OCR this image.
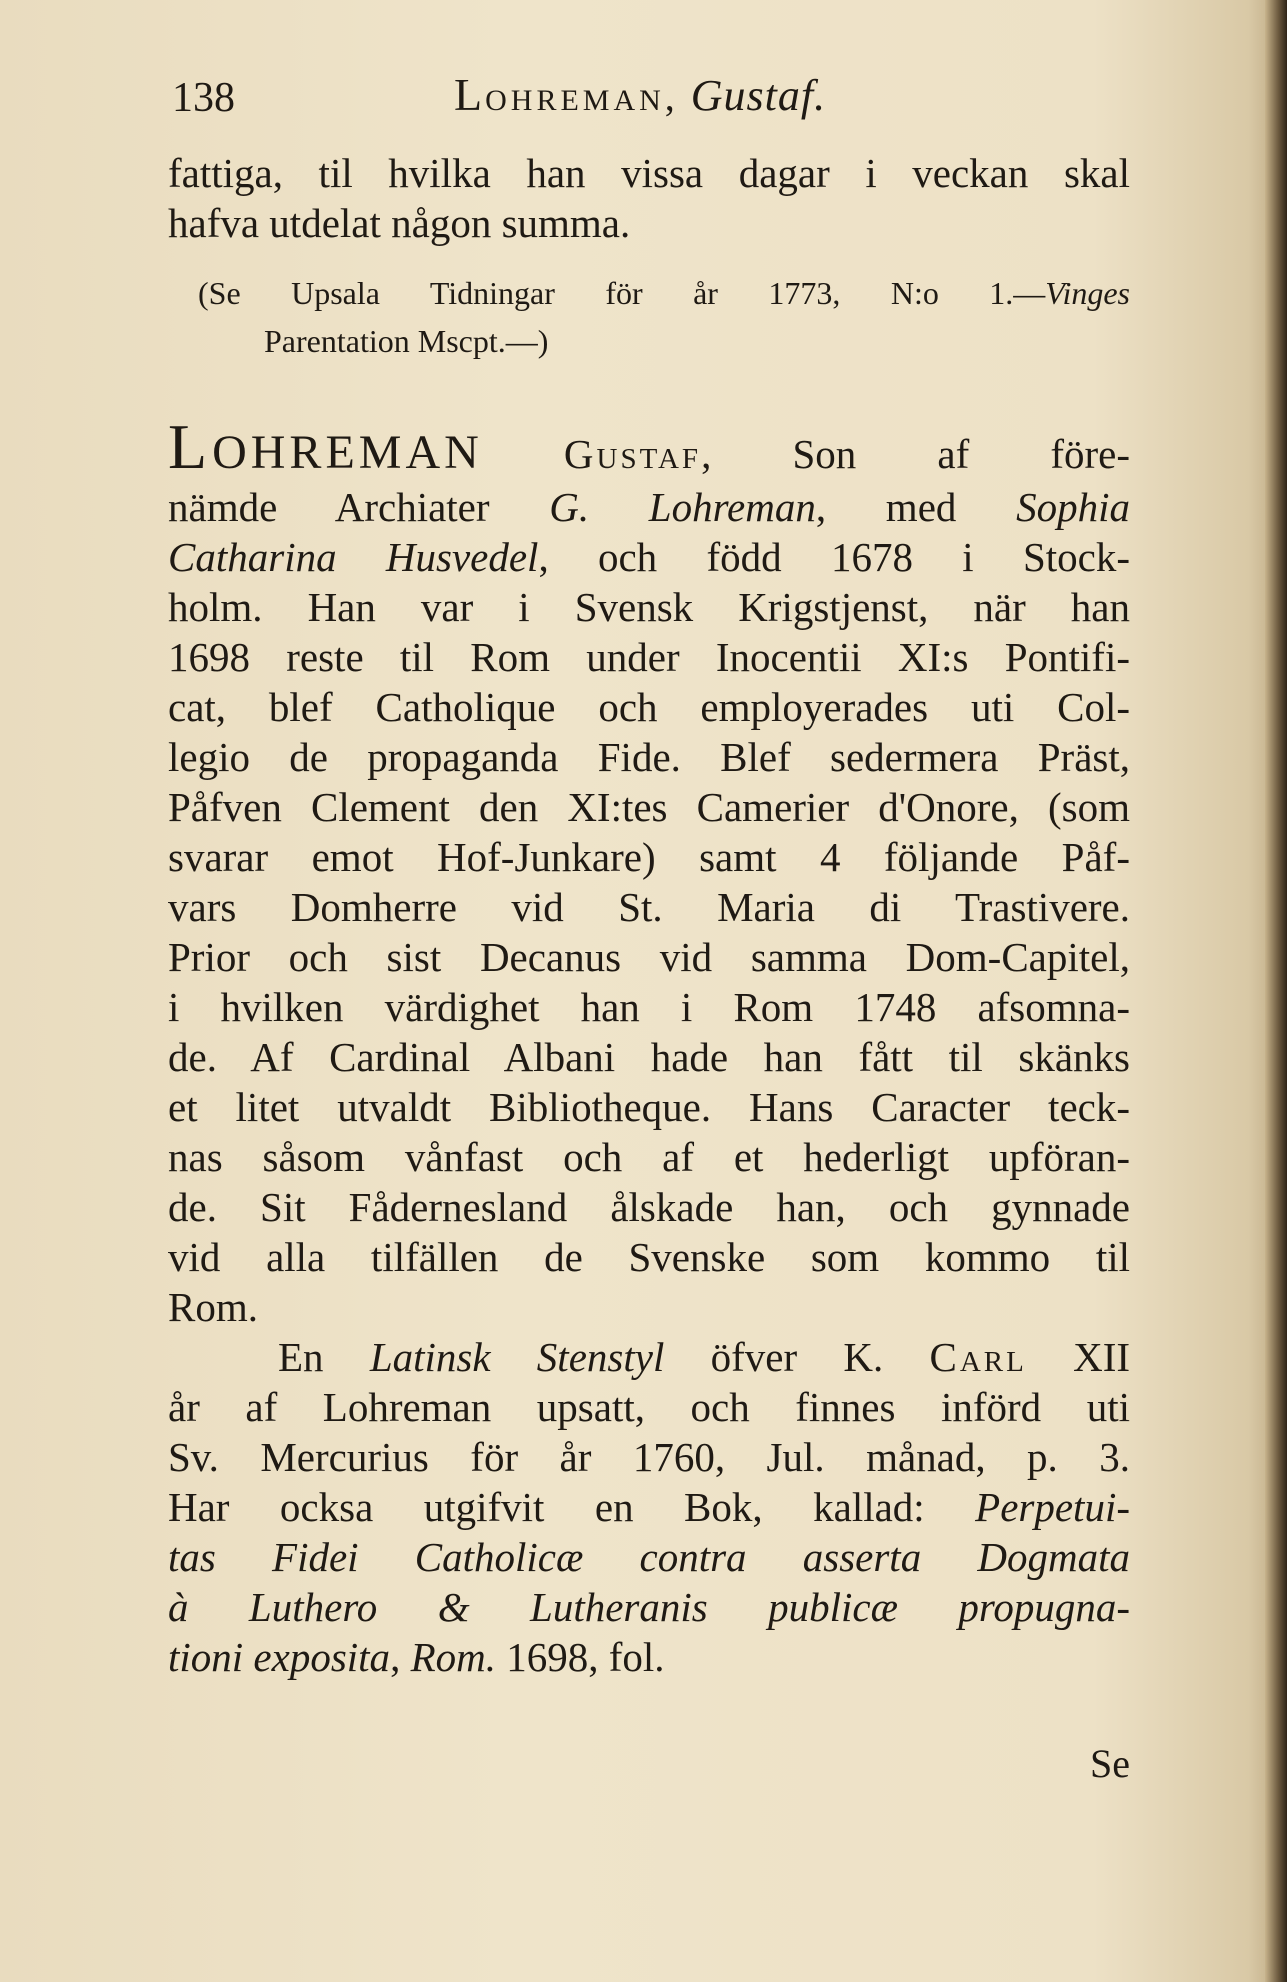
138	LOHREMAN, Gustaf.
fattiga, til hvilka han vissa dagar i veckan skal
hafva utdelat någon summa.
(Se Upsala Tidningar för år 1773, N:o 1.—Vinges
Parentation Mscpt.—)
LOHREMAN Gustaf, Son af före-
nämde Archiater G. Lohreman, med Sophia
Catharina Husvedel, och född 1678 i Stock-
holm. Han var i Svensk Krigstjenst, när han
1698 reste til Rom under Inocentii XI:s Pontifi-
cat, blef Catholique och employerades uti Col-
legio de propaganda Fide. Blef sedermera Präst,
Påfven Clement den XI:tes Camerier d'Onore, (som
svarar emot Hof-Junkare) samt 4 följande Påf-
vars Domherre vid St. Maria di Trastivere.
Prior och sist Decanus vid samma Dom-Capitel,
i hvilken värdighet han i Rom 1748 afsomna-
de. Af Cardinal Albani hade han fått til skänks
et litet utvaldt Bibliotheque. Hans Caracter teck-
nas såsom vånfast och af et hederligt upföran-
de. Sit Fådernesland ålskade han, och gynnade
vid alla tilfällen de Svenske som kommo til
Rom.
En Latinsk Stenstyl öfver K. Carl XII
år af Lohreman upsatt, och finnes införd uti
Sv. Mercurius för år 1760, Jul. månad, p. 3.
Har ocksa utgifvit en Bok, kallad: Perpetui-
tas Fidei Catholicæ contra asserta Dogmata
à Luthero & Lutheranis publicæ propugna-
tioni exposita, Rom. 1698, fol.
Se
